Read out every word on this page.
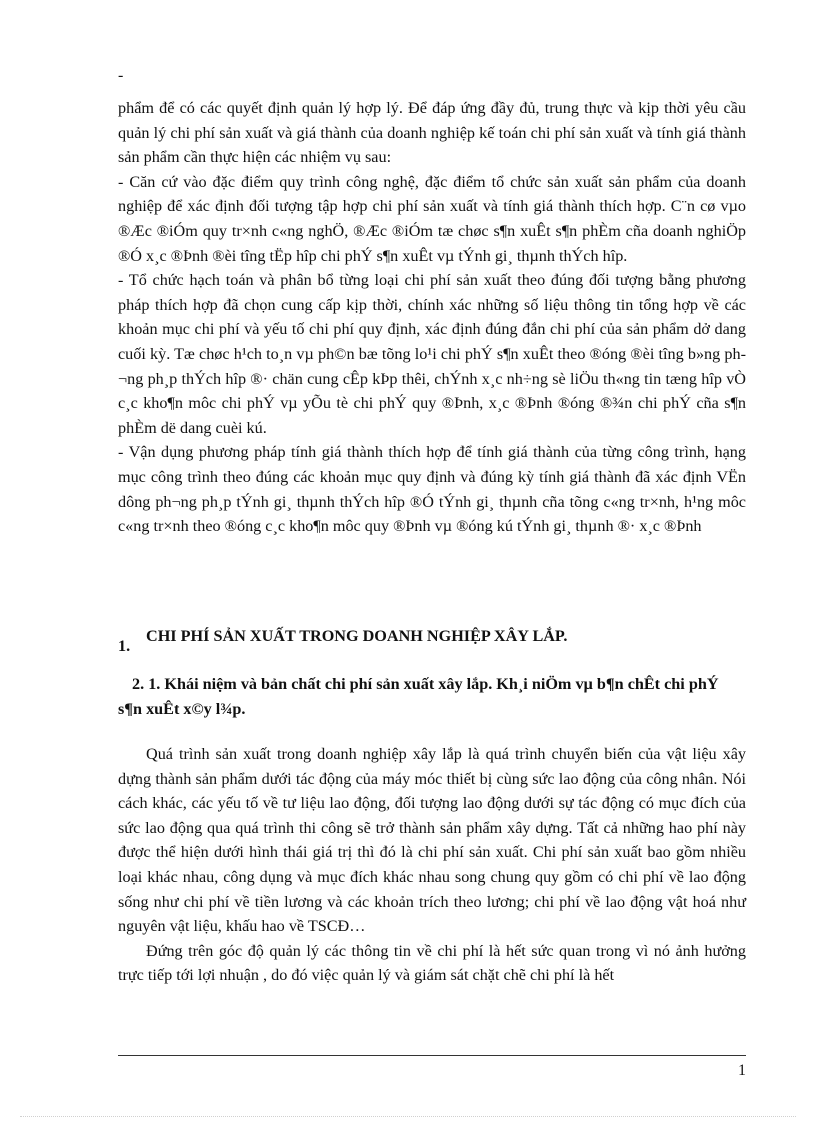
-

phẩm để có các quyết định quản lý hợp lý. Để đáp ứng đầy đủ, trung thực và kịp thời yêu cầu quản lý chi phí sản xuất và giá thành của doanh nghiệp kế toán chi phí sản xuất và tính giá thành sản phẩm cần thực hiện các nhiệm vụ sau:

- Căn cứ vào đặc điểm quy trình công nghệ, đặc điểm tổ chức sản xuất sản phẩm của doanh nghiệp để xác định đối tượng tập hợp chi phí sản xuất và tính giá thành thích hợp. C¨n cø vµo ®Æc ®iÓm quy tr×nh c«ng nghÖ, ®Æc ®iÓm tæ chøc s¶n xuÊt s¶n phÈm cña doanh nghiÖp ®Ó x¸c ®Þnh ®èi tîng tËp hîp chi phÝ s¶n xuÊt vµ tÝnh gi¸ thµnh thÝch hîp.

- Tổ chức hạch toán và phân bổ từng loại chi phí sản xuất theo đúng đối tượng bằng phương pháp thích hợp đã chọn cung cấp kịp thời, chính xác những số liệu thông tin tổng hợp về các khoản mục chi phí và yếu tố chi phí quy định, xác định đúng đắn chi phí của sản phẩm dở dang cuối kỳ. Tæ chøc h¹ch to¸n vµ ph©n bæ tõng lo¹i chi phÝ s¶n xuÊt theo ®óng ®èi tîng b»ng ph¬ng ph¸p thÝch hîp ®· chän cung cÊp kÞp thêi, chÝnh x¸c nh÷ng sè liÖu th«ng tin tæng hîp vÒ c¸c kho¶n môc chi phÝ vµ yÕu tè chi phÝ quy ®Þnh, x¸c ®Þnh ®óng ®¾n chi phÝ cña s¶n phÈm dë dang cuèi kú.

- Vận dụng phương pháp tính giá thành thích hợp để tính giá thành của từng công trình, hạng mục công trình theo đúng các khoản mục quy định và đúng kỳ tính giá thành đã xác định VËn dông ph¬ng ph¸p tÝnh gi¸ thµnh thÝch hîp ®Ó tÝnh gi¸ thµnh cña tõng c«ng tr×nh, h¹ng môc c«ng tr×nh theo ®óng c¸c kho¶n môc quy ®Þnh vµ ®óng kú tÝnh gi¸ thµnh ®· x¸c ®Þnh

1.CHI PHÍ SẢN XUẤT TRONG DOANH NGHIỆP XÂY LẮP.
2. 1. Khái niệm và bản chất chi phí sản xuất xây lắp. Kh¸i niÖm vµ b¶n chÊt chi phÝ s¶n xuÊt x©y l¾p.

Quá trình sản xuất trong doanh nghiệp xây lắp là quá trình chuyển biến của vật liệu xây dựng thành sản phẩm dưới tác động của máy móc thiết bị cùng sức lao động của công nhân. Nói cách khác, các yếu tố về tư liệu lao động, đối tượng lao động dưới sự tác động có mục đích của sức lao động qua quá trình thi công sẽ trở thành sản phẩm xây dựng. Tất cả những hao phí này được thể hiện dưới hình thái giá trị thì đó là chi phí sản xuất. Chi phí sản xuất bao gồm nhiều loại khác nhau, công dụng và mục đích khác nhau song chung quy gồm có chi phí về lao động sống như chi phí về tiền lương và các khoản trích theo lương; chi phí về lao động vật hoá như nguyên vật liệu, khấu hao về TSCĐ…

Đứng trên góc độ quản lý các thông tin về chi phí là hết sức quan trong vì nó ảnh hưởng trực tiếp tới lợi nhuận , do đó việc quản lý và giám sát chặt chẽ chi phí là hết

1
